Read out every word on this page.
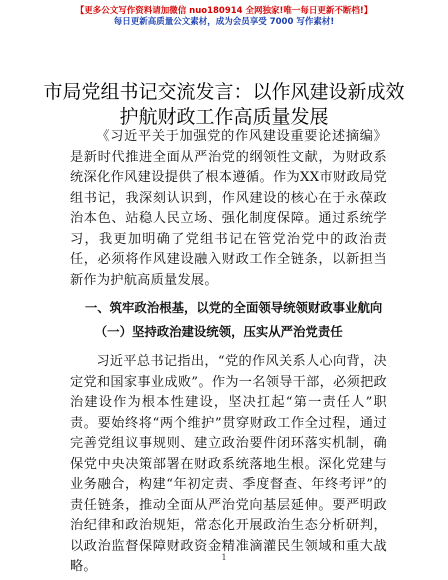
【更多公文写作资料请加微信 nuo180914 全网独家!唯一每日更新不断档!】
每日更新高质量公文素材，成为会员享受 7000 写作素材!
市局党组书记交流发言：以作风建设新成效护航财政工作高质量发展

《习近平关于加强党的作风建设重要论述摘编》是新时代推进全面从严治党的纲领性文献，为财政系统深化作风建设提供了根本遵循。作为XX市财政局党组书记，我深刻认识到，作风建设的核心在于永葆政治本色、站稳人民立场、强化制度保障。通过系统学习，我更加明确了党组书记在管党治党中的政治责任，必须将作风建设融入财政工作全链条，以新担当新作为护航高质量发展。

一、筑牢政治根基，以党的全面领导统领财政事业航向
（一）坚持政治建设统领，压实从严治党责任

习近平总书记指出，“党的作风关系人心向背，决定党和国家事业成败”。作为一名领导干部，必须把政治建设作为根本性建设，坚决扛起“第一责任人”职责。要始终将“两个维护”贯穿财政工作全过程，通过完善党组议事规则、建立政治要件闭环落实机制，确保党中央决策部署在财政系统落地生根。深化党建与业务融合，构建“年初定责、季度督查、年终考评”的责任链条，推动全面从严治党向基层延伸。要严明政治纪律和政治规矩，常态化开展政治生态分析研判，以政治监督保障财政资金精准滴灌民生领域和重大战略。

1
